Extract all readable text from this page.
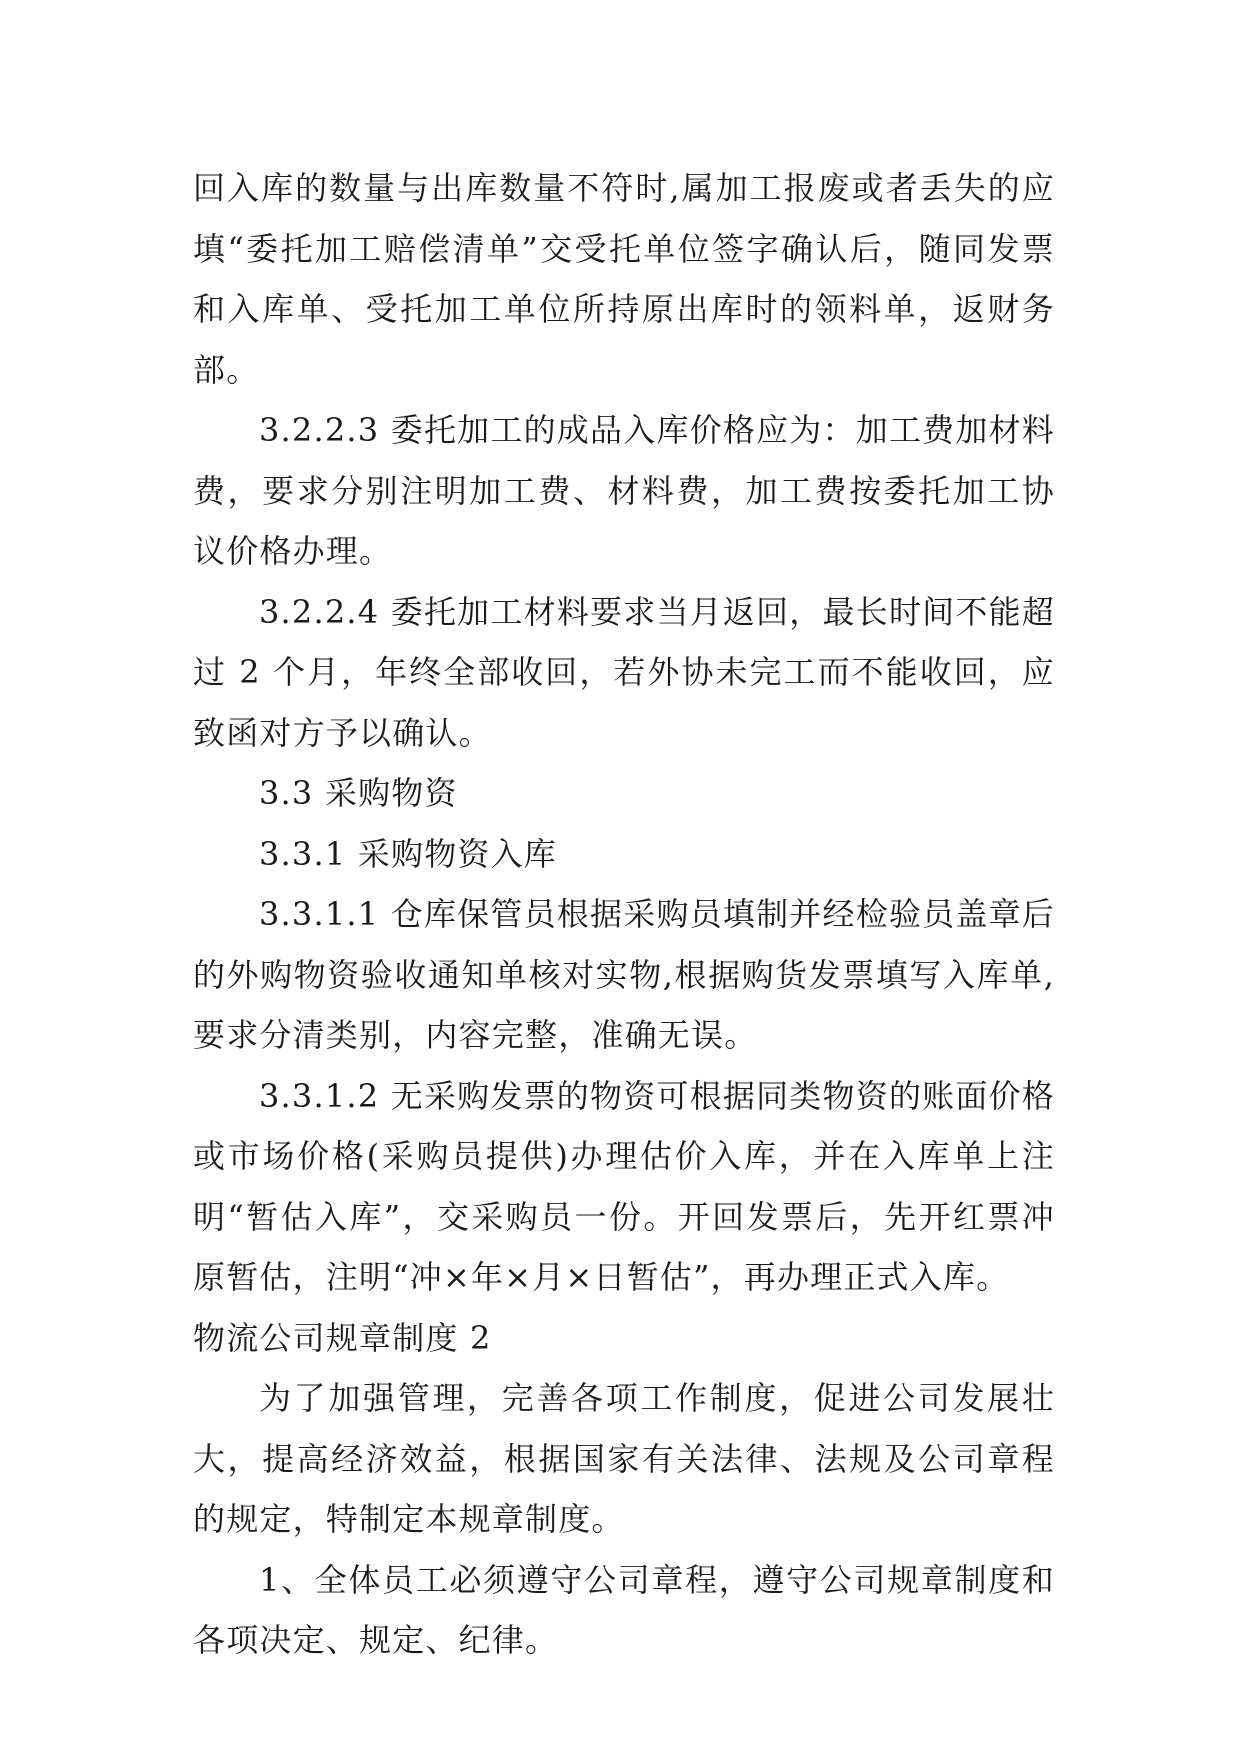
回入库的数量与出库数量不符时,属加工报废或者丢失的应填“委托加工赔偿清单”交受托单位签字确认后，随同发票和入库单、受托加工单位所持原出库时的领料单，返财务部。

3.2.2.3 委托加工的成品入库价格应为：加工费加材料费，要求分别注明加工费、材料费，加工费按委托加工协议价格办理。

3.2.2.4 委托加工材料要求当月返回，最长时间不能超过 2 个月，年终全部收回，若外协未完工而不能收回，应致函对方予以确认。

3.3 采购物资

3.3.1 采购物资入库

3.3.1.1 仓库保管员根据采购员填制并经检验员盖章后的外购物资验收通知单核对实物,根据购货发票填写入库单,要求分清类别，内容完整，准确无误。

3.3.1.2 无采购发票的物资可根据同类物资的账面价格或市场价格(采购员提供)办理估价入库，并在入库单上注明“暂估入库”，交采购员一份。开回发票后，先开红票冲原暂估，注明“冲×年×月×日暂估”，再办理正式入库。

物流公司规章制度 2

为了加强管理，完善各项工作制度，促进公司发展壮大，提高经济效益，根据国家有关法律、法规及公司章程的规定，特制定本规章制度。

1、全体员工必须遵守公司章程，遵守公司规章制度和各项决定、规定、纪律。
